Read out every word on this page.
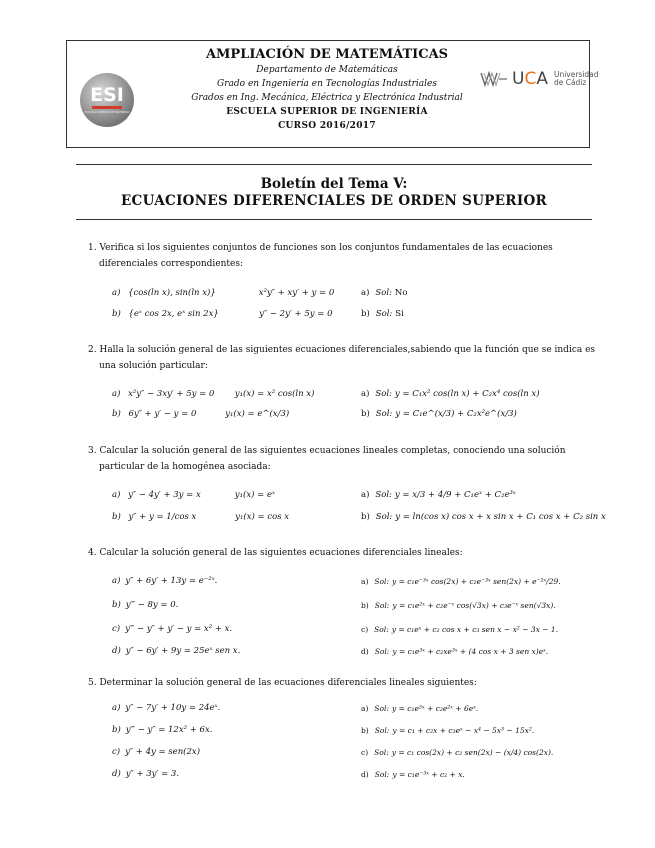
ESI
ESCUELA SUPERIOR DE INGENIERÍA

AMPLIACIÓN DE MATEMÁTICAS

Departamento de Matemáticas

Grado en Ingeniería en Tecnologías Industriales

Grados en Ing. Mecánica, Eléctrica y Electrónica Industrial

ESCUELA SUPERIOR DE INGENIERÍA

CURSO 2016/2017

UCA Universidad
de Cádiz

Boletín del Tema V:

ECUACIONES DIFERENCIALES DE ORDEN SUPERIOR

1. Verifica si los siguientes conjuntos de funciones son los conjuntos fundamentales de las ecuaciones diferenciales correspondientes:
a) {cos(ln x), sin(ln x)}	x²y″ + xy′ + y = 0	a) Sol: No
b) {eˣ cos 2x, eˣ sin 2x}	y″ − 2y′ + 5y = 0	b) Sol: Si
2. Halla la solución general de las siguientes ecuaciones diferenciales,sabiendo que la función que se indica es una solución particular:
a) x²y″ − 3xy′ + 5y = 0 y₁(x) = x² cos(ln x)	a) Sol: y = C₁x² cos(ln x) + C₂x⁴ cos(ln x)
b) 6y″ + y′ − y = 0	y₁(x) = e^(x/3)	b) Sol: y = C₁e^(x/3) + C₂x²e^(x/3)
3. Calcular la solución general de las siguientes ecuaciones lineales completas, conociendo una solución particular de la homogénea asociada:
a) y″ − 4y′ + 3y = x	y₁(x) = eˣ	a) Sol: y = x/3 + 4/9 + C₁eˣ + C₂e³ˣ
b) y″ + y = 1/cos x	y₁(x) = cos x	b) Sol: y = ln(cos x) cos x + x sin x + C₁ cos x + C₂ sin x
4. Calcular la solución general de las siguientes ecuaciones diferenciales lineales:
a) y″ + 6y′ + 13y = e⁻²ˣ.	a) Sol: y = c₁e⁻³ˣ cos(2x) + c₂e⁻³ˣ sen(2x) + e⁻²ˣ/29.
b) y‴ − 8y = 0.	b) Sol: y = c₁e²ˣ + c₂e⁻ˣ cos(√3x) + c₃e⁻ˣ sen(√3x).
c) y‴ − y″ + y′ − y = x² + x.	c) Sol: y = c₁eˣ + c₂ cos x + c₃ sen x − x² − 3x − 1.
d) y″ − 6y′ + 9y = 25eˣ sen x.	d) Sol: y = c₁e³ˣ + c₂xe³ˣ + (4 cos x + 3 sen x)eˣ.
5. Determinar la solución general de las ecuaciones diferenciales lineales siguientes:
a) y″ − 7y′ + 10y = 24eˣ.	a) Sol: y = c₁e⁵ˣ + c₂e²ˣ + 6eˣ.
b) y‴ − y″ = 12x² + 6x.	b) Sol: y = c₁ + c₂x + c₃eˣ − x⁴ − 5x³ − 15x².
c) y″ + 4y = sen(2x)	c) Sol: y = c₁ cos(2x) + c₂ sen(2x) − (x/4) cos(2x).
d) y″ + 3y′ = 3.	d) Sol: y = c₁e⁻³ˣ + c₂ + x.
